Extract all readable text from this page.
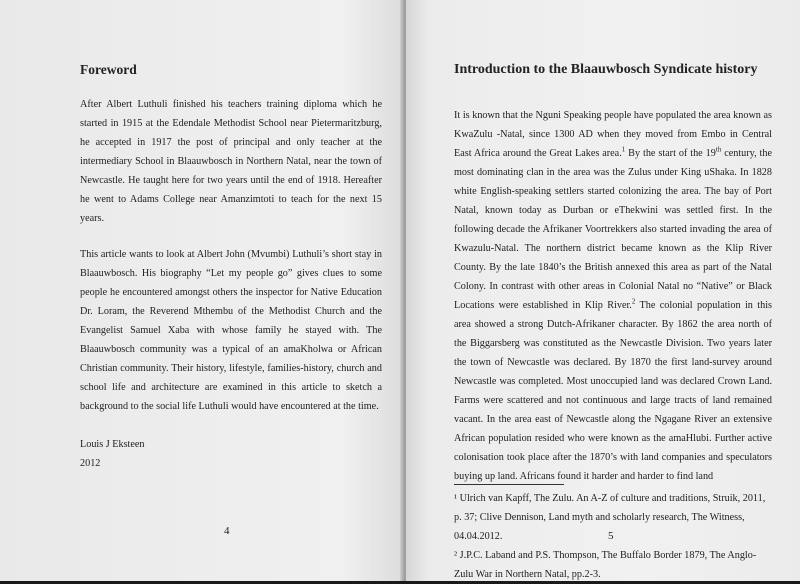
Foreword

After Albert Luthuli finished his teachers training diploma which he started in 1915 at the Edendale Methodist School near Pietermaritzburg, he accepted in 1917 the post of principal and only teacher at the intermediary School in Blaauwbosch in Northern Natal, near the town of Newcastle. He taught here for two years until the end of 1918. Hereafter he went to Adams College near Amanzimtoti to teach for the next 15 years.

This article wants to look at Albert John (Mvumbi) Luthuli’s short stay in Blaauwbosch. His biography “Let my people go” gives clues to some people he encountered amongst others the inspector for Native Education Dr. Loram, the Reverend Mthembu of the Methodist Church and the Evangelist Samuel Xaba with whose family he stayed with. The Blaauwbosch community was a typical of an amaKholwa or African Christian community. Their history, lifestyle, families-history, church and school life and architecture are examined in this article to sketch a background to the social life Luthuli would have encountered at the time.

Louis J Eksteen
2012
4
Introduction to the Blaauwbosch Syndicate history

It is known that the Nguni Speaking people have populated the area known as KwaZulu -Natal, since 1300 AD when they moved from Embo in Central East Africa around the Great Lakes area.$^1$ By the start of the 19th century, the most dominating clan in the area was the Zulus under King uShaka. In 1828 white English-speaking settlers started colonizing the area. The bay of Port Natal, known today as Durban or eThekwini was settled first. In the following decade the Afrikaner Voortrekkers also started invading the area of Kwazulu-Natal. The northern district became known as the Klip River County. By the late 1840’s the British annexed this area as part of the Natal Colony. In contrast with other areas in Colonial Natal no “Native” or Black Locations were established in Klip River.$^2$ The colonial population in this area showed a strong Dutch-Afrikaner character. By 1862 the area north of the Biggarsberg was constituted as the Newcastle Division. Two years later the town of Newcastle was declared. By 1870 the first land-survey around Newcastle was completed. Most unoccupied land was declared Crown Land. Farms were scattered and not continuous and large tracts of land remained vacant. In the area east of Newcastle along the Ngagane River an extensive African population resided who were known as the amaHlubi. Further active colonisation took place after the 1870’s with land companies and speculators buying up land. Africans found it harder and harder to find land

¹ Ulrich van Kapff, The Zulu. An A-Z of culture and traditions, Struik, 2011, p. 37; Clive Dennison, Land myth and scholarly research, The Witness, 04.04.2012.

² J.P.C. Laband and P.S. Thompson, The Buffalo Border 1879, The Anglo-Zulu War in Northern Natal, pp.2-3.

5
